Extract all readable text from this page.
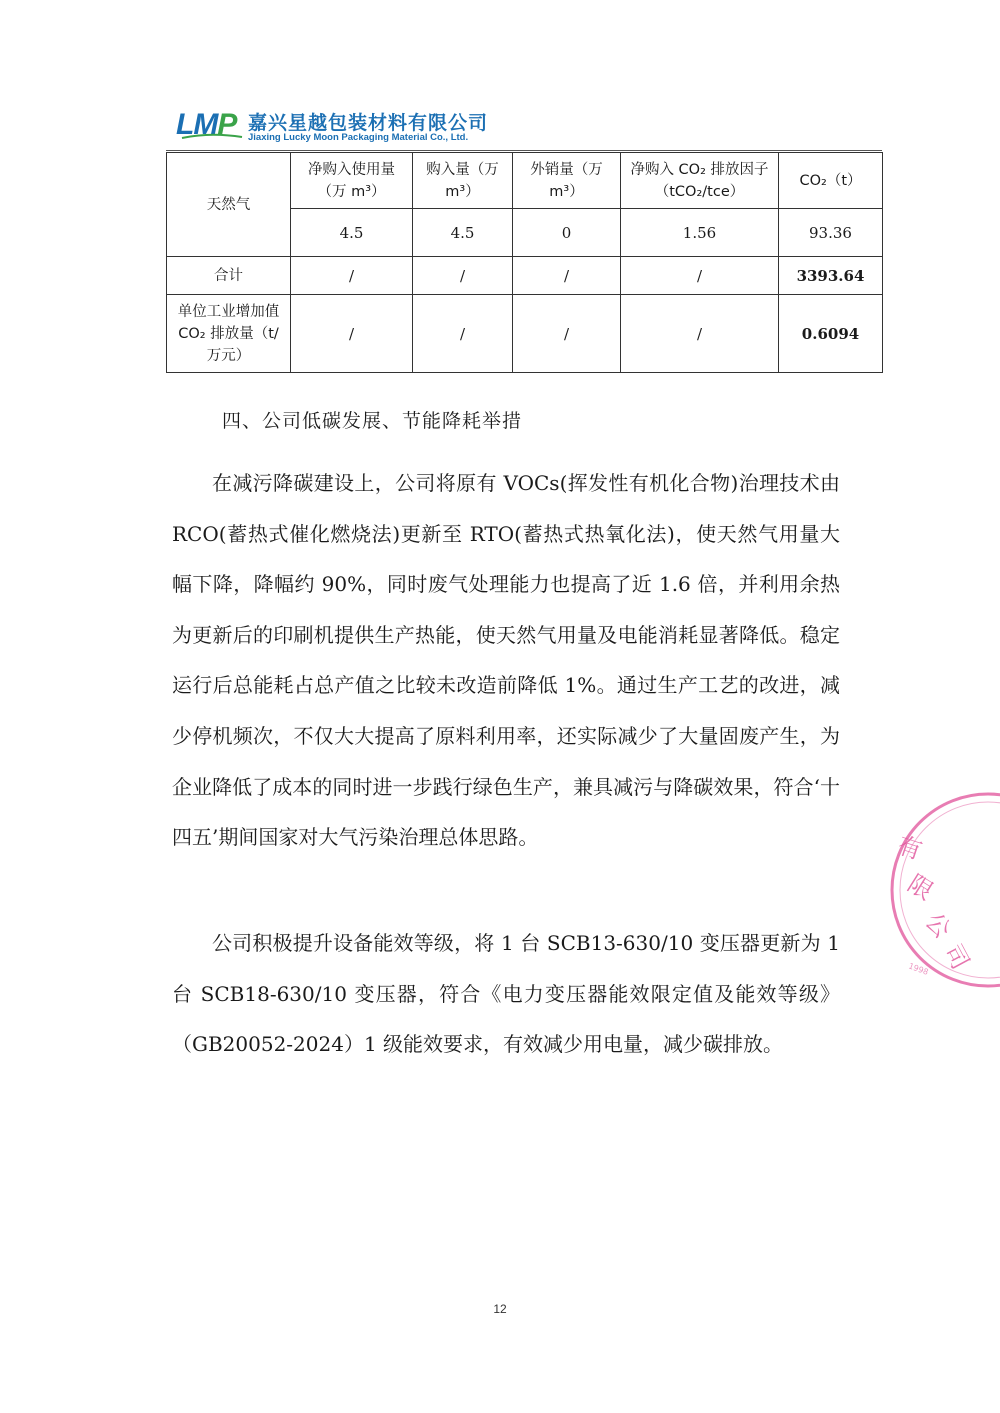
LMP 嘉兴星越包装材料有限公司
Jiaxing Lucky Moon Packaging Material Co., Ltd.
天然气	净购入使用量（万 m³）	购入量（万 m³）	外销量（万 m³）	净购入 CO₂ 排放因子（tCO₂/tce）	CO₂（t）
	4.5	4.5	0	1.56	93.36
合计	/	/	/	/	3393.64
单位工业增加值 CO₂ 排放量（t/万元）	/	/	/	/	0.6094
四、公司低碳发展、节能降耗举措

在减污降碳建设上，公司将原有 VOCs(挥发性有机化合物)治理技术由 RCO(蓄热式催化燃烧法)更新至 RTO(蓄热式热氧化法)，使天然气用量大幅下降，降幅约 90%，同时废气处理能力也提高了近 1.6 倍，并利用余热为更新后的印刷机提供生产热能，使天然气用量及电能消耗显著降低。稳定运行后总能耗占总产值之比较未改造前降低 1%。通过生产工艺的改进，减少停机频次，不仅大大提高了原料利用率，还实际减少了大量固废产生，为企业降低了成本的同时进一步践行绿色生产，兼具减污与降碳效果，符合‘十四五’期间国家对大气污染治理总体思路。

公司积极提升设备能效等级，将 1 台 SCB13-630/10 变压器更新为 1 台 SCB18-630/10 变压器，符合《电力变压器能效限定值及能效等级》（GB20052-2024）1 级能效要求，有效减少用电量，减少碳排放。

有
限
公
司
1998
12
